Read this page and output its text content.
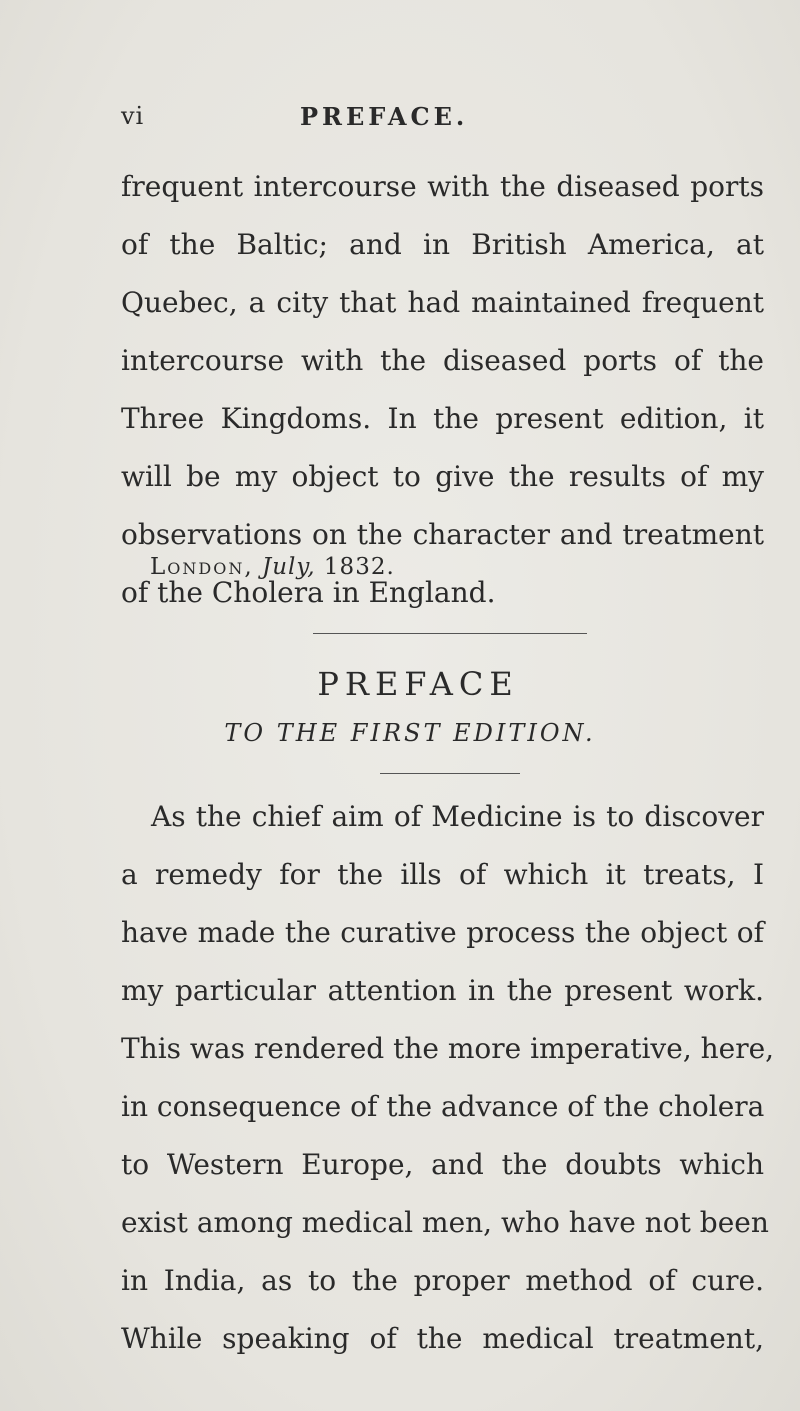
vi	PREFACE.
frequent intercourse with the diseased ports
of the Baltic; and in British America, at
Quebec, a city that had maintained frequent
intercourse with the diseased ports of the
Three Kingdoms. In the present edition, it
will be my object to give the results of my
observations on the character and treatment
of the Cholera in England.
London, July, 1832.
PREFACE
TO THE FIRST EDITION.
As the chief aim of Medicine is to discover
a remedy for the ills of which it treats, I
have made the curative process the object of
my particular attention in the present work.
This was rendered the more imperative, here,
in consequence of the advance of the cholera
to Western Europe, and the doubts which
exist among medical men, who have not been
in India, as to the proper method of cure.
While speaking of the medical treatment,
